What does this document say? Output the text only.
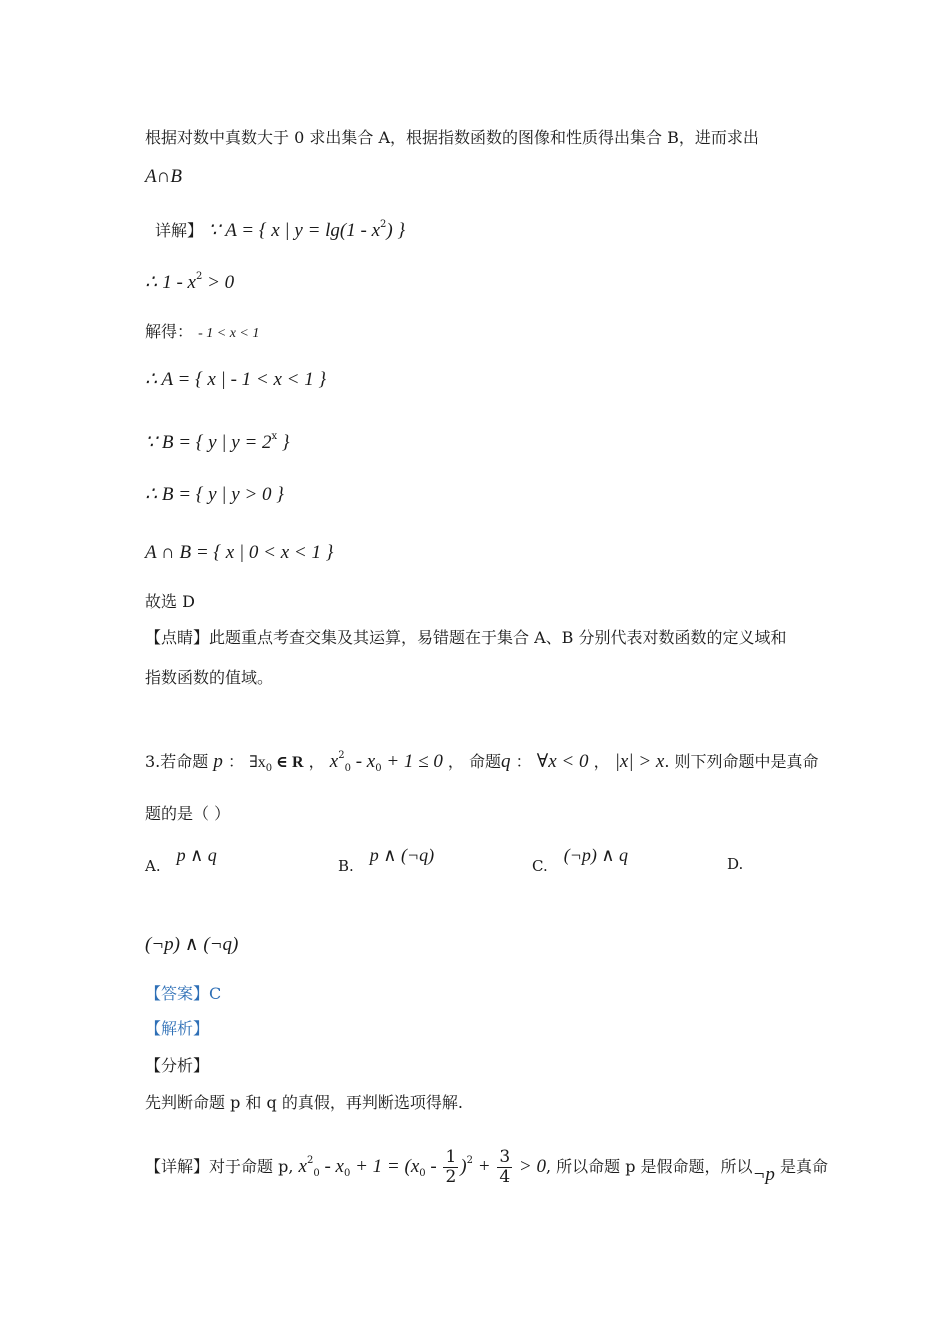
根据对数中真数大于 0 求出集合 A，根据指数函数的图像和性质得出集合 B，进而求出
A∩B
详解】 ∵ A = { x | $y = \lg(1 - x^2)$ }
∴ $1 - x^2 > 0$
解得： - 1 < x < 1
∴ A = { x | - 1 < x < 1 }
∵ B = { y | $y = 2^x$ }
∴ B = { y | y > 0 }
A ∩ B = { x | 0 < x < 1 }
故选 D
【点睛】此题重点考查交集及其运算，易错题在于集合 A、B 分别代表对数函数的定义域和
指数函数的值域。
3.若命题 p ： $\exists x_0$ ∈ R ， $x^2_0 - x_0 + 1 \le 0$ ， 命题q ： ∀x < 0 ， |x| > x. 则下列命题中是真命
题的是（ ）
A.p ∧ q
B.p ∧ (¬q)
C.(¬p) ∧ q	D.
(¬p) ∧ (¬q)
【答案】C
【解析】
【分析】
先判断命题 p 和 q 的真假，再判断选项得解.
【详解】对于命题 p, $x^2_0 - x_0 + 1 = (x_0 - \frac{1}{2} )^2 + \frac{3}{4} > 0$, 所以命题 p 是假命题，所以¬p 是真命
